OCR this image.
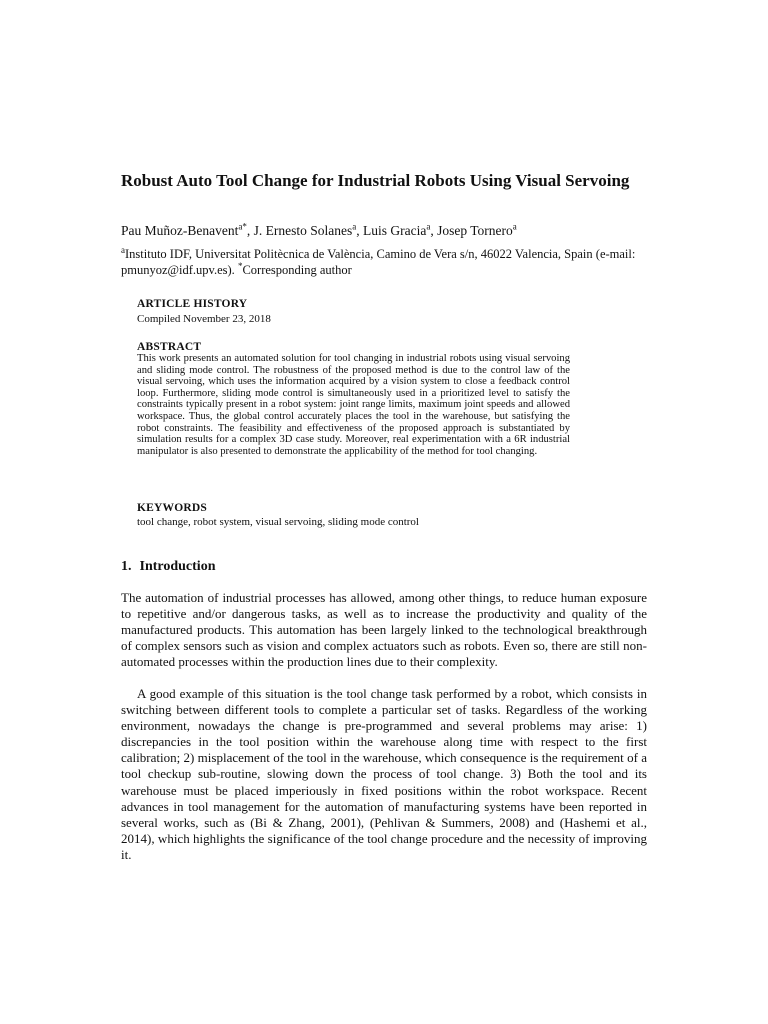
Robust Auto Tool Change for Industrial Robots Using Visual Servoing
Pau Muñoz-Benavent$^{a*}$, J. Ernesto Solanes$^a$, Luis Gracia$^a$, Josep Tornero$^a$
$^a$Instituto IDF, Universitat Politècnica de València, Camino de Vera s/n, 46022 Valencia, Spain (e-mail: pmunyoz@idf.upv.es). *Corresponding author
ARTICLE HISTORY
Compiled November 23, 2018
ABSTRACT
This work presents an automated solution for tool changing in industrial robots using visual servoing and sliding mode control. The robustness of the proposed method is due to the control law of the visual servoing, which uses the information acquired by a vision system to close a feedback control loop. Furthermore, sliding mode control is simultaneously used in a prioritized level to satisfy the constraints typically present in a robot system: joint range limits, maximum joint speeds and allowed workspace. Thus, the global control accurately places the tool in the warehouse, but satisfying the robot constraints. The feasibility and effectiveness of the proposed approach is substantiated by simulation results for a complex 3D case study. Moreover, real experimentation with a 6R industrial manipulator is also presented to demonstrate the applicability of the method for tool changing.
KEYWORDS
tool change, robot system, visual servoing, sliding mode control
1. Introduction

The automation of industrial processes has allowed, among other things, to reduce human exposure to repetitive and/or dangerous tasks, as well as to increase the productivity and quality of the manufactured products. This automation has been largely linked to the technological breakthrough of complex sensors such as vision and complex actuators such as robots. Even so, there are still non-automated processes within the production lines due to their complexity.

A good example of this situation is the tool change task performed by a robot, which consists in switching between different tools to complete a particular set of tasks. Regardless of the working environment, nowadays the change is pre-programmed and several problems may arise: 1) discrepancies in the tool position within the warehouse along time with respect to the first calibration; 2) misplacement of the tool in the warehouse, which consequence is the requirement of a tool checkup sub-routine, slowing down the process of tool change. 3) Both the tool and its warehouse must be placed imperiously in fixed positions within the robot workspace. Recent advances in tool management for the automation of manufacturing systems have been reported in several works, such as (Bi & Zhang, 2001), (Pehlivan & Summers, 2008) and (Hashemi et al., 2014), which highlights the significance of the tool change procedure and the necessity of improving it.
